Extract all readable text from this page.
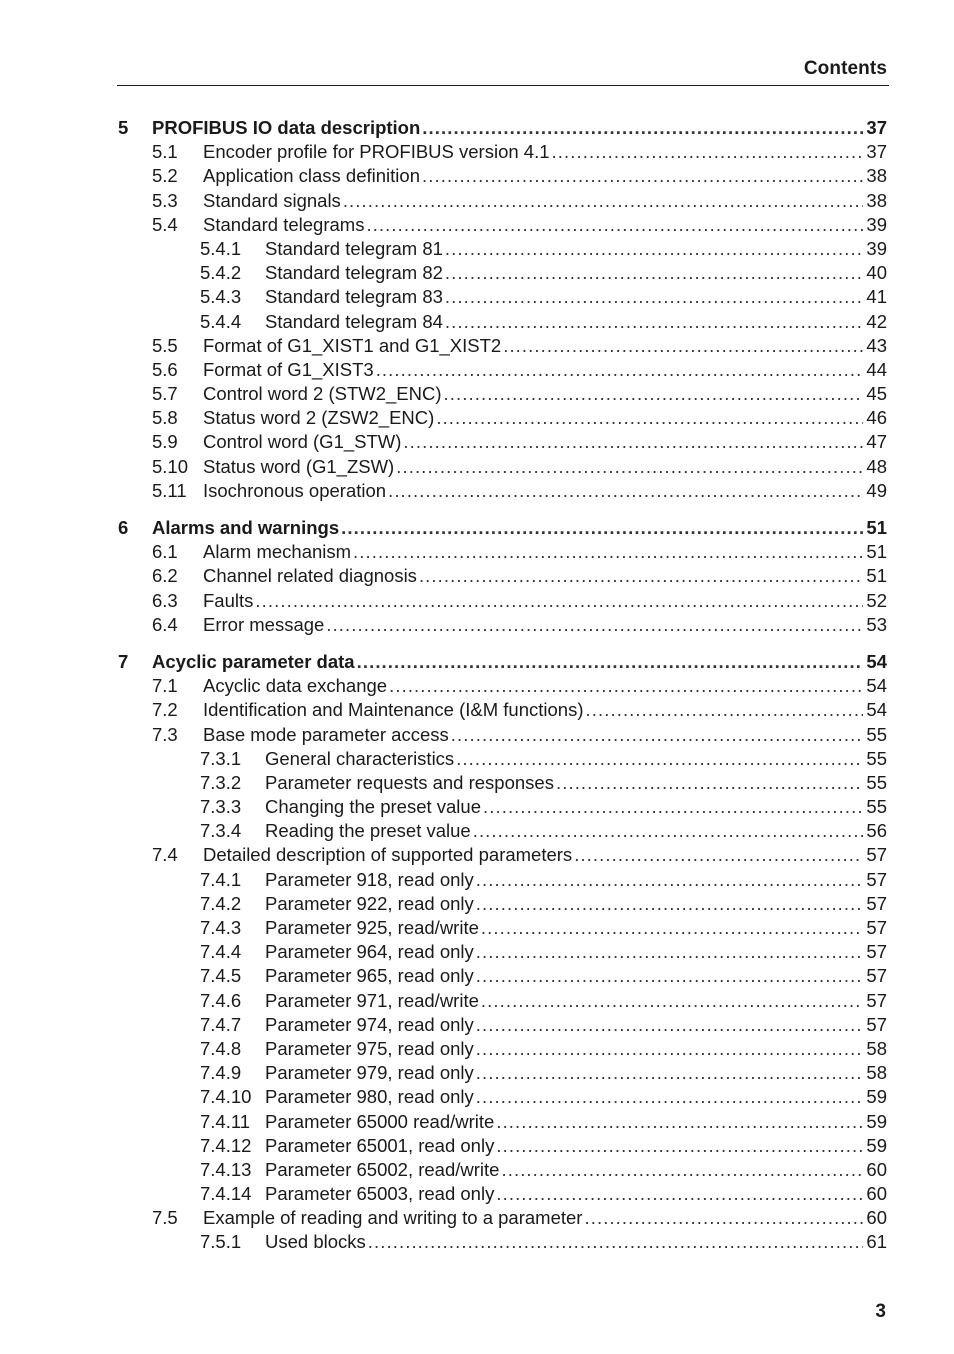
Contents
5 PROFIBUS IO data description .....	37
5.1 Encoder profile for PROFIBUS version 4.1 .....	37
5.2 Application class definition .....	38
5.3 Standard signals .....	38
5.4 Standard telegrams .....	39
5.4.1 Standard telegram 81 .....	39
5.4.2 Standard telegram 82 .....	40
5.4.3 Standard telegram 83 .....	41
5.4.4 Standard telegram 84 .....	42
5.5 Format of G1_XIST1 and G1_XIST2 .....	43
5.6 Format of G1_XIST3 .....	44
5.7 Control word 2 (STW2_ENC) .....	45
5.8 Status word 2 (ZSW2_ENC) .....	46
5.9 Control word (G1_STW) .....	47
5.10 Status word (G1_ZSW) .....	48
5.11 Isochronous operation .....	49
6 Alarms and warnings .....	51
6.1 Alarm mechanism .....	51
6.2 Channel related diagnosis .....	51
6.3 Faults .....	52
6.4 Error message .....	53
7 Acyclic parameter data .....	54
7.1 Acyclic data exchange .....	54
7.2 Identification and Maintenance (I&M functions) .....	54
7.3 Base mode parameter access .....	55
7.3.1 General characteristics .....	55
7.3.2 Parameter requests and responses .....	55
7.3.3 Changing the preset value .....	55
7.3.4 Reading the preset value .....	56
7.4 Detailed description of supported parameters .....	57
7.4.1 Parameter 918, read only .....	57
7.4.2 Parameter 922, read only .....	57
7.4.3 Parameter 925, read/write .....	57
7.4.4 Parameter 964, read only .....	57
7.4.5 Parameter 965, read only .....	57
7.4.6 Parameter 971, read/write .....	57
7.4.7 Parameter 974, read only .....	57
7.4.8 Parameter 975, read only .....	58
7.4.9 Parameter 979, read only .....	58
7.4.10 Parameter 980, read only .....	59
7.4.11 Parameter 65000 read/write .....	59
7.4.12 Parameter 65001, read only .....	59
7.4.13 Parameter 65002, read/write .....	60
7.4.14 Parameter 65003, read only .....	60
7.5 Example of reading and writing to a parameter .....	60
7.5.1 Used blocks .....	61
3
